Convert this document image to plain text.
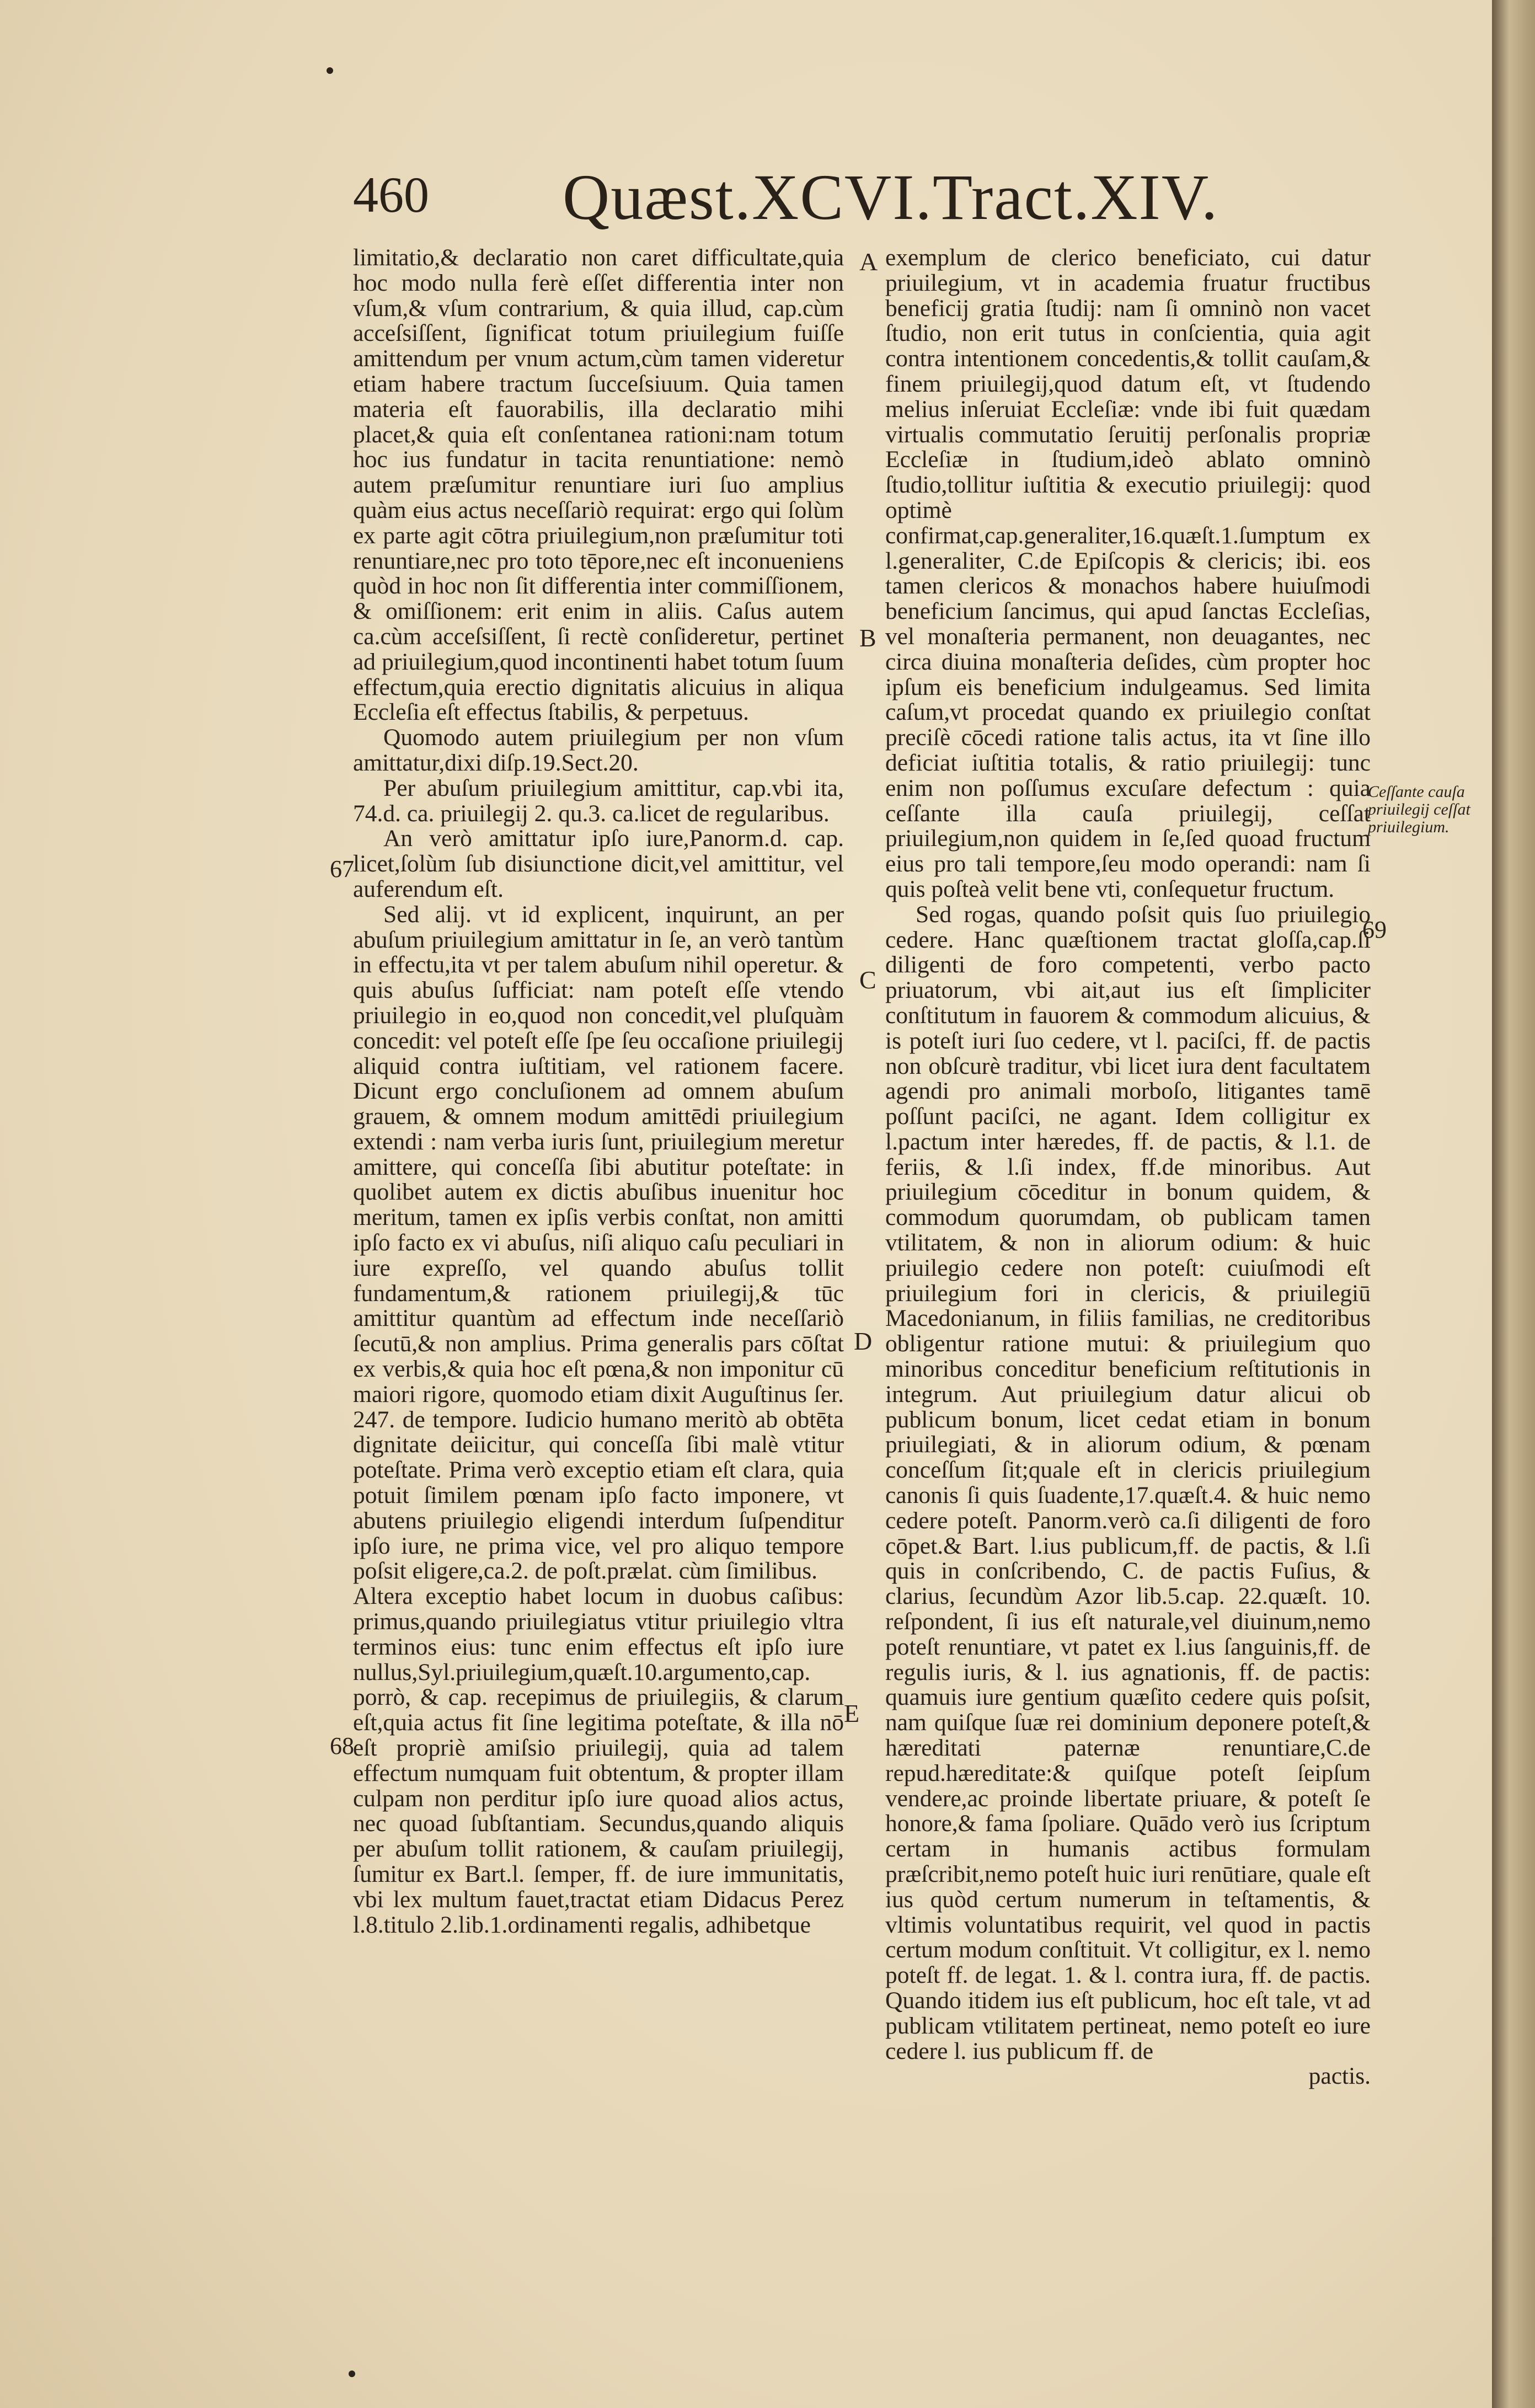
460	Quæst.XCVI.Tract.XIV.

limitatio,& declaratio non caret difficultate,quia hoc modo nulla ferè eſſet differentia inter non vſum,& vſum contrarium, & quia illud, cap.cùm acceſsiſſent, ſignificat totum priuilegium fuiſſe amittendum per vnum actum,cùm tamen videretur etiam habere tractum ſucceſsiuum. Quia tamen materia eſt fauorabilis, illa declaratio mihi placet,& quia eſt conſentanea rationi:nam totum hoc ius fundatur in tacita renuntiatione: nemò autem præſumitur renuntiare iuri ſuo amplius quàm eius actus neceſſariò requirat: ergo qui ſolùm ex parte agit cōtra priuilegium,non præſumitur toti renuntiare,nec pro toto tēpore,nec eſt inconueniens quòd in hoc non ſit differentia inter commiſſionem, & omiſſionem: erit enim in aliis. Caſus autem ca.cùm acceſsiſſent, ſi rectè conſideretur, pertinet ad priuilegium,quod incontinenti habet totum ſuum effectum,quia erectio dignitatis alicuius in aliqua Eccleſia eſt effectus ſtabilis, & perpetuus.

Quomodo autem priuilegium per non vſum amittatur,dixi diſp.19.Sect.20.

Per abuſum priuilegium amittitur, cap.vbi ita, 74.d. ca. priuilegij 2. qu.3. ca.licet de regularibus.

An verò amittatur ipſo iure,Panorm.d. cap. licet,ſolùm ſub disiunctione dicit,vel amittitur, vel auferendum eſt.

Sed alij. vt id explicent, inquirunt, an per abuſum priuilegium amittatur in ſe, an verò tantùm in effectu,ita vt per talem abuſum nihil operetur. & quis abuſus ſufficiat: nam poteſt eſſe vtendo priuilegio in eo,quod non concedit,vel pluſquàm concedit: vel poteſt eſſe ſpe ſeu occaſione priuilegij aliquid contra iuſtitiam, vel rationem facere. Dicunt ergo concluſionem ad omnem abuſum grauem, & omnem modum amittēdi priuilegium extendi : nam verba iuris ſunt, priuilegium meretur amittere, qui conceſſa ſibi abutitur poteſtate: in quolibet autem ex dictis abuſibus inuenitur hoc meritum, tamen ex ipſis verbis conſtat, non amitti ipſo facto ex vi abuſus, niſi aliquo caſu peculiari in iure expreſſo, vel quando abuſus tollit fundamentum,& rationem priuilegij,& tūc amittitur quantùm ad effectum inde neceſſariò ſecutū,& non amplius. Prima generalis pars cōſtat ex verbis,& quia hoc eſt pœna,& non imponitur cū maiori rigore, quomodo etiam dixit Auguſtinus ſer. 247. de tempore. Iudicio humano meritò ab obtēta dignitate deiicitur, qui conceſſa ſibi malè vtitur poteſtate. Prima verò exceptio etiam eſt clara, quia potuit ſimilem pœnam ipſo facto imponere, vt abutens priuilegio eligendi interdum ſuſpenditur ipſo iure, ne prima vice, vel pro aliquo tempore poſsit eligere,ca.2. de poſt.prælat. cùm ſimilibus.

Altera exceptio habet locum in duobus caſibus: primus,quando priuilegiatus vtitur priuilegio vltra terminos eius: tunc enim effectus eſt ipſo iure nullus,Syl.priuilegium,quæſt.10.argumento,cap. porrò, & cap. recepimus de priuilegiis, & clarum eſt,quia actus fit ſine legitima poteſtate, & illa nō eſt propriè amiſsio priuilegij, quia ad talem effectum numquam fuit obtentum, & propter illam culpam non perditur ipſo iure quoad alios actus, nec quoad ſubſtantiam. Secundus,quando aliquis per abuſum tollit rationem, & cauſam priuilegij, ſumitur ex Bart.l. ſemper, ff. de iure immunitatis, vbi lex multum fauet,tractat etiam Didacus Perez l.8.titulo 2.lib.1.ordinamenti regalis, adhibetque

exemplum de clerico beneficiato, cui datur priuilegium, vt in academia fruatur fructibus beneficij gratia ſtudij: nam ſi omninò non vacet ſtudio, non erit tutus in conſcientia, quia agit contra intentionem concedentis,& tollit cauſam,& finem priuilegij,quod datum eſt, vt ſtudendo melius inſeruiat Eccleſiæ: vnde ibi fuit quædam virtualis commutatio ſeruitij perſonalis propriæ Eccleſiæ in ſtudium,ideò ablato omninò ſtudio,tollitur iuſtitia & executio priuilegij: quod optimè confirmat,cap.generaliter,16.quæſt.1.ſumptum ex l.generaliter, C.de Epiſcopis & clericis; ibi. eos tamen clericos & monachos habere huiuſmodi beneficium ſancimus, qui apud ſanctas Eccleſias, vel monaſteria permanent, non deuagantes, nec circa diuina monaſteria deſides, cùm propter hoc ipſum eis beneficium indulgeamus. Sed limita caſum,vt procedat quando ex priuilegio conſtat preciſè cōcedi ratione talis actus, ita vt ſine illo deficiat iuſtitia totalis, & ratio priuilegij: tunc enim non poſſumus excuſare defectum : quia ceſſante illa cauſa priuilegij, ceſſat priuilegium,non quidem in ſe,ſed quoad fructum eius pro tali tempore,ſeu modo operandi: nam ſi quis poſteà velit bene vti, conſequetur fructum.

Sed rogas, quando poſsit quis ſuo priuilegio cedere. Hanc quæſtionem tractat gloſſa,cap.ſi diligenti de foro competenti, verbo pacto priuatorum, vbi ait,aut ius eſt ſimpliciter conſtitutum in fauorem & commodum alicuius, & is poteſt iuri ſuo cedere, vt l. paciſci, ff. de pactis non obſcurè traditur, vbi licet iura dent facultatem agendi pro animali morboſo, litigantes tamē poſſunt paciſci, ne agant. Idem colligitur ex l.pactum inter hæredes, ff. de pactis, & l.1. de feriis, & l.ſi index, ff.de minoribus. Aut priuilegium cōceditur in bonum quidem, & commodum quorumdam, ob publicam tamen vtilitatem, & non in aliorum odium: & huic priuilegio cedere non poteſt: cuiuſmodi eſt priuilegium fori in clericis, & priuilegiū Macedonianum, in filiis familias, ne creditoribus obligentur ratione mutui: & priuilegium quo minoribus conceditur beneficium reſtitutionis in integrum. Aut priuilegium datur alicui ob publicum bonum, licet cedat etiam in bonum priuilegiati, & in aliorum odium, & pœnam conceſſum ſit;quale eſt in clericis priuilegium canonis ſi quis ſuadente,17.quæſt.4. & huic nemo cedere poteſt. Panorm.verò ca.ſi diligenti de foro cōpet.& Bart. l.ius publicum,ff. de pactis, & l.ſi quis in conſcribendo, C. de pactis Fuſius, & clarius, ſecundùm Azor lib.5.cap. 22.quæſt. 10. reſpondent, ſi ius eſt naturale,vel diuinum,nemo poteſt renuntiare, vt patet ex l.ius ſanguinis,ff. de regulis iuris, & l. ius agnationis, ff. de pactis: quamuis iure gentium quæſito cedere quis poſsit, nam quiſque ſuæ rei dominium deponere poteſt,& hæreditati paternæ renuntiare,C.de repud.hæreditate:& quiſque poteſt ſeipſum vendere,ac proinde libertate priuare, & poteſt ſe honore,& fama ſpoliare. Quādo verò ius ſcriptum certam in humanis actibus formulam præſcribit,nemo poteſt huic iuri renūtiare, quale eſt ius quòd certum numerum in teſtamentis, & vltimis voluntatibus requirit, vel quod in pactis certum modum conſtituit. Vt colligitur, ex l. nemo poteſt ff. de legat. 1. & l. contra iura, ff. de pactis. Quando itidem ius eſt publicum, hoc eſt tale, vt ad publicam vtilitatem pertineat, nemo poteſt eo iure cedere l. ius publicum ff. de

pactis.

A
B
C
D
E
67
68
69
Ceſſante cauſa priuilegij ceſſat priuilegium.
